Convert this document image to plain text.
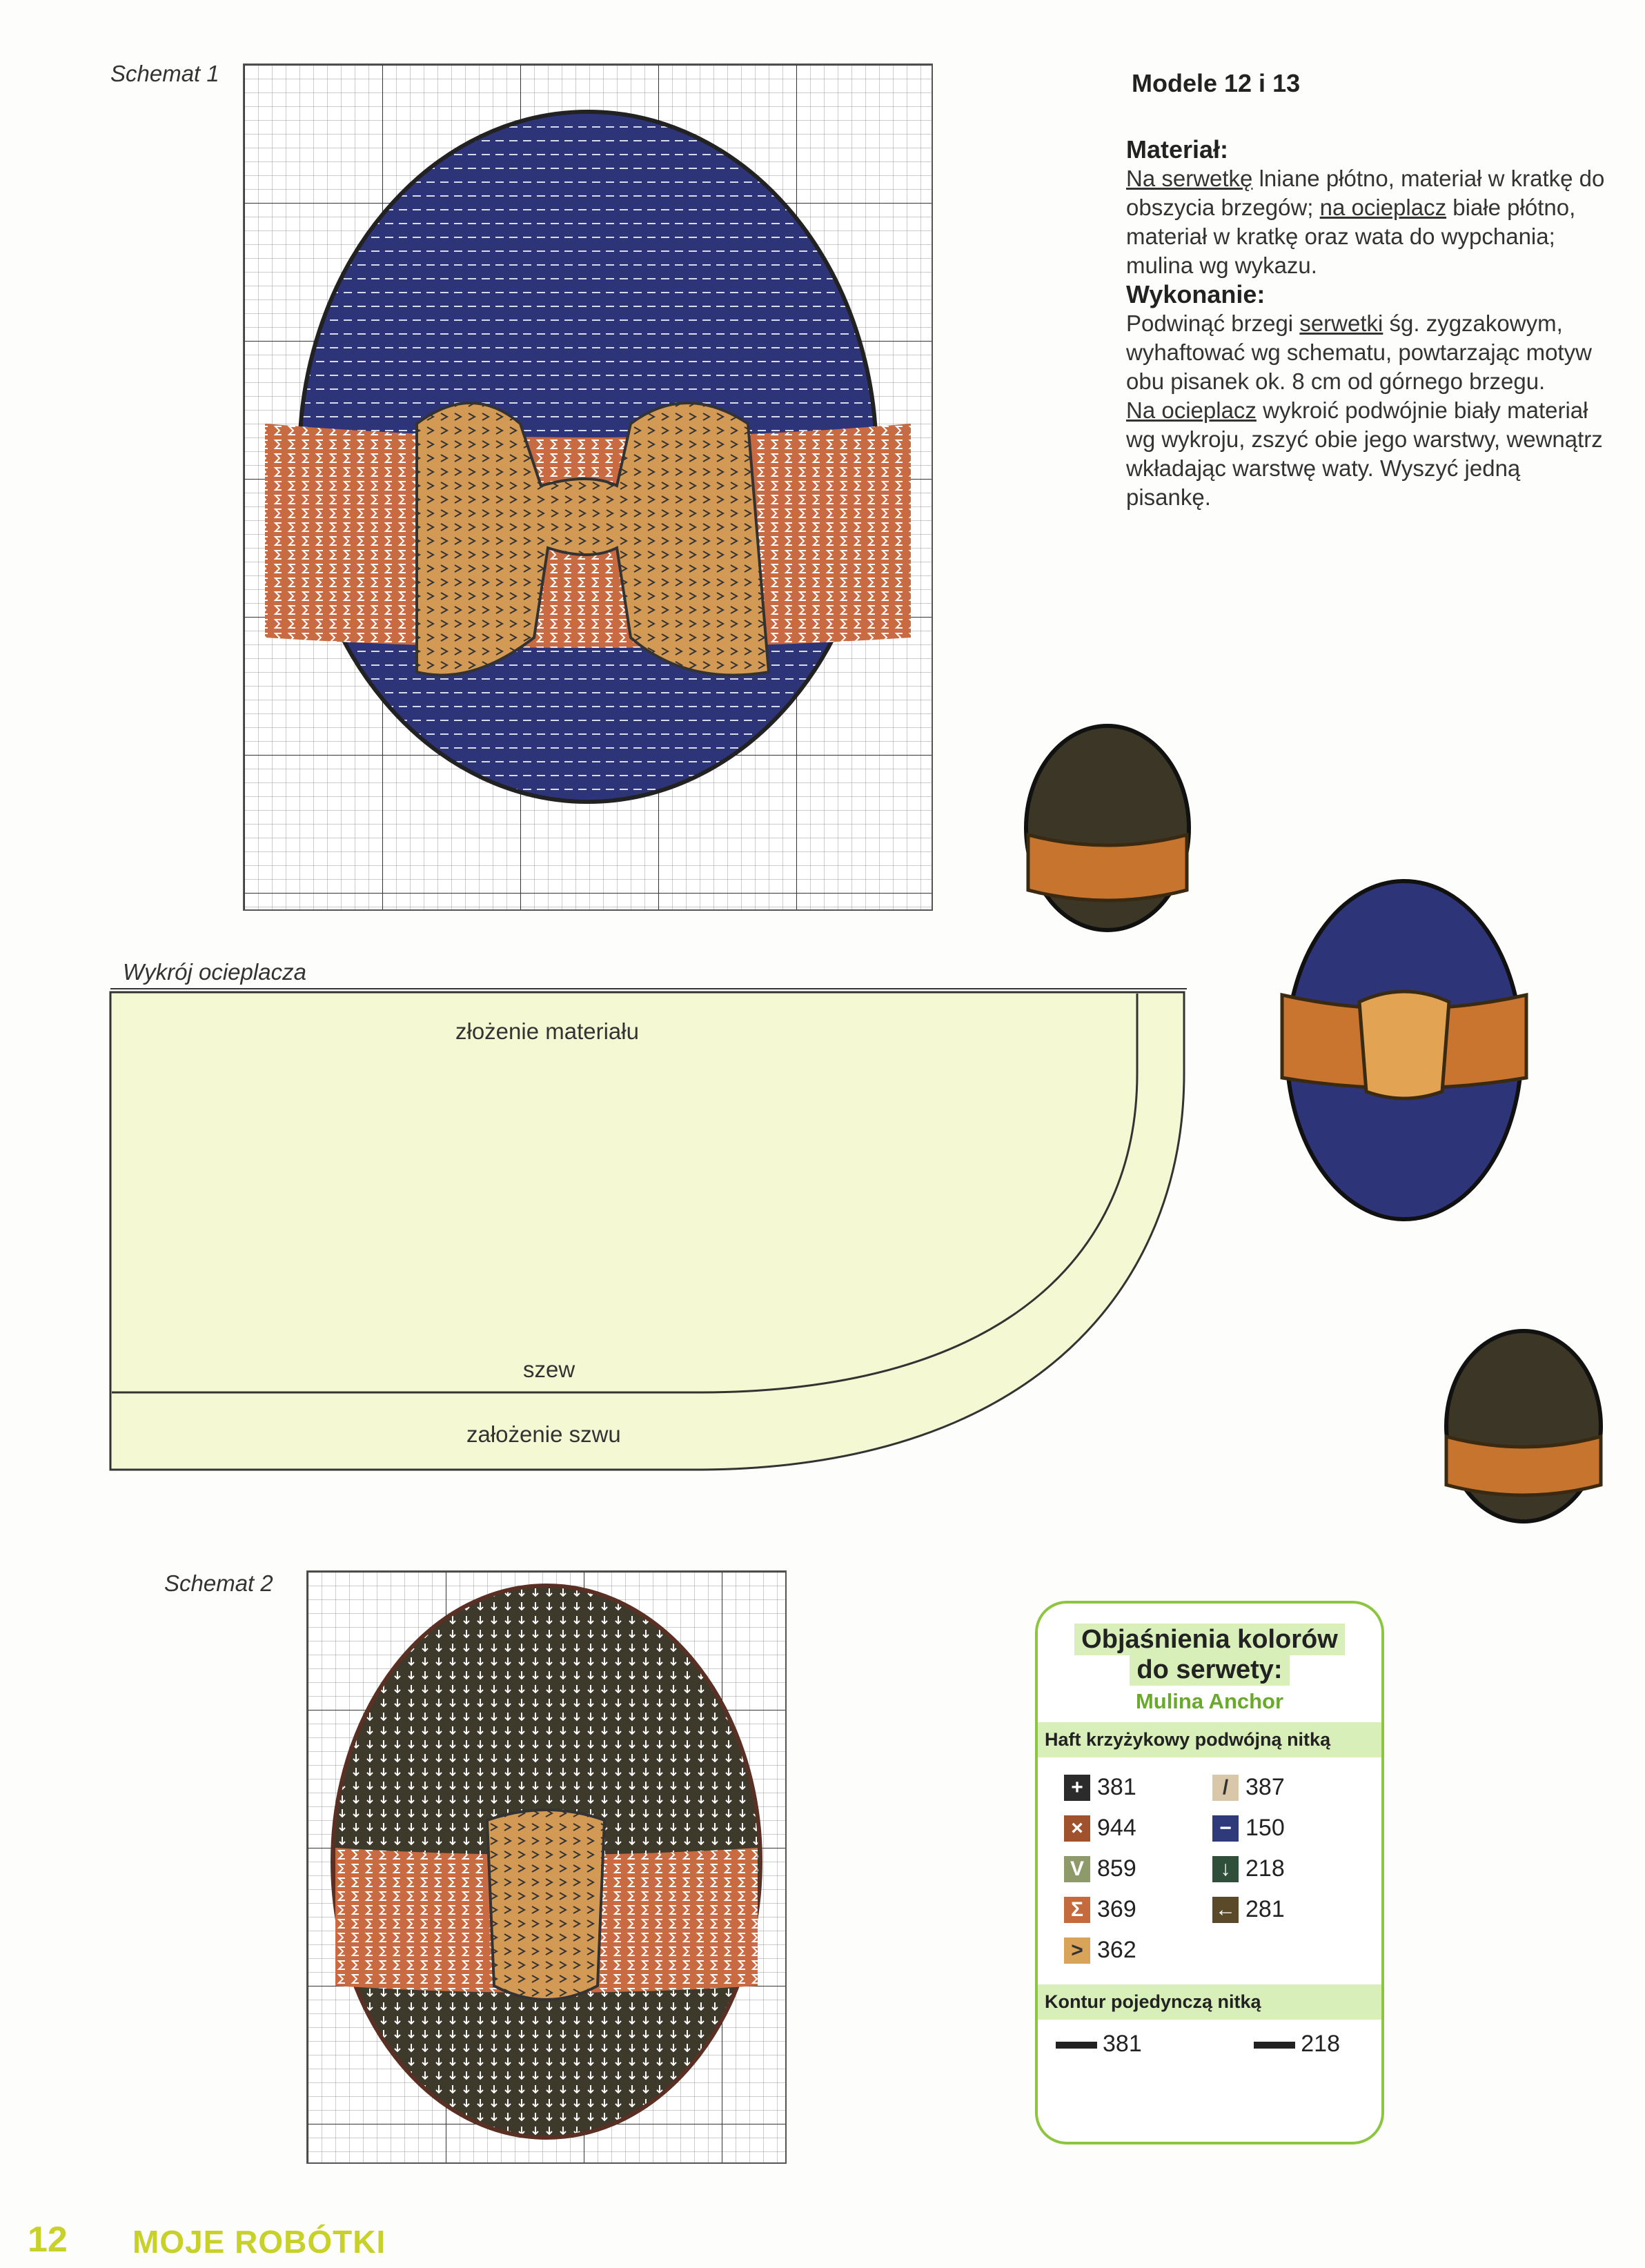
Schemat 1	Modele 12 i 13
Materiał:

Na serwetkę lniane płótno, materiał w kratkę do obszycia brzegów; na ocieplacz białe płótno, materiał w kratkę oraz wata do wypchania; mulina wg wykazu.

Wykonanie:

Podwinąć brzegi serwetki śg. zygzakowym, wyhaftować wg schematu, powtarzając motyw obu pisanek ok. 8 cm od górnego brzegu.

Na ocieplacz wykroić podwójnie biały materiał wg wykroju, zszyć obie jego warstwy, wewnątrz wkładając warstwę waty. Wyszyć jedną pisankę.

Wykrój ocieplacza
złożenie materiału
szew
założenie szwu
Schemat 2
Objaśnienia kolorów
do serwety:
Mulina Anchor
Haft krzyżykowy podwójną nitką
+ 381	/ 387
× 944	− 150
V 859	↓ 218
Σ 369	← 281
> 362
Kontur pojedynczą nitką
381	218
12 MOJE ROBÓTKI
